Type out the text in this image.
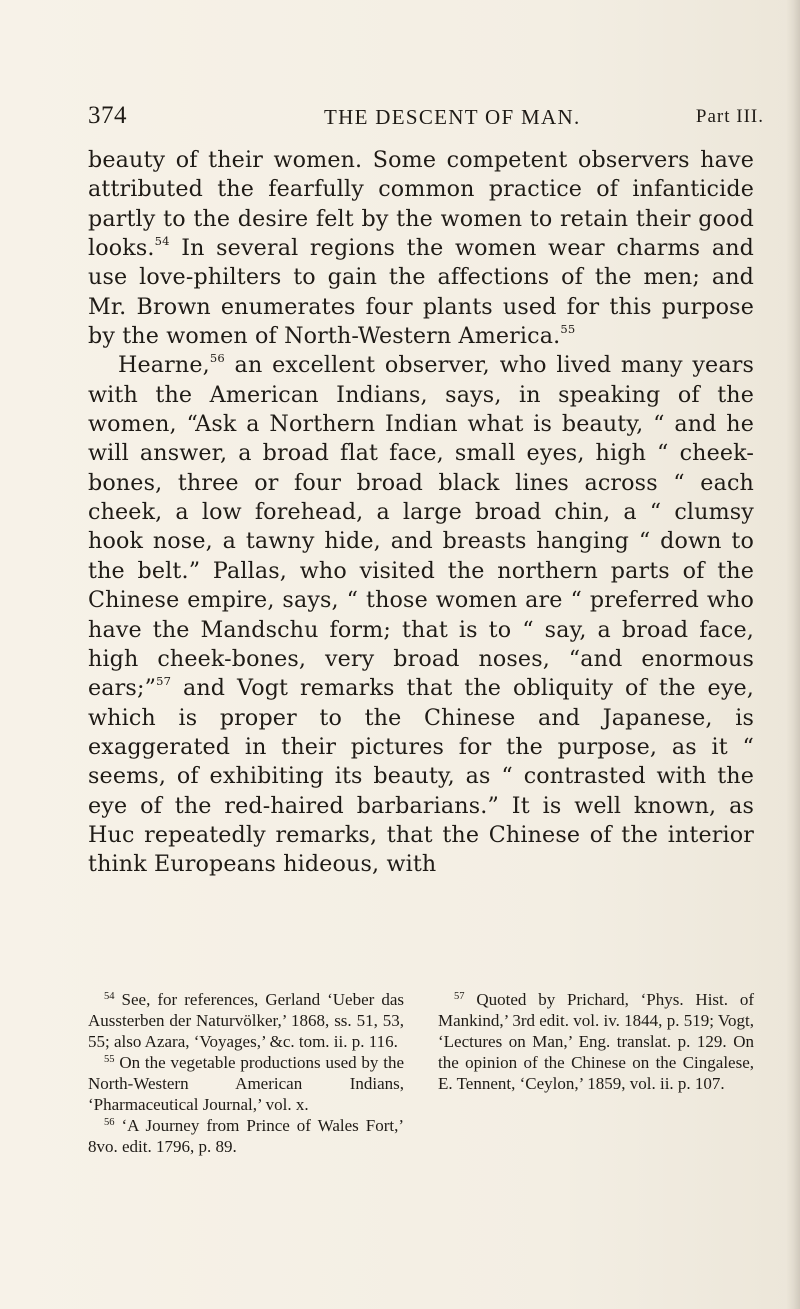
374	THE DESCENT OF MAN.	Part III.

beauty of their women. Some competent observers have attributed the fearfully common practice of infanticide partly to the desire felt by the women to retain their good looks.$^{54}$ In several regions the women wear charms and use love-philters to gain the affections of the men; and Mr. Brown enumerates four plants used for this purpose by the women of North-Western America.$^{55}$

Hearne,$^{56}$ an excellent observer, who lived many years with the American Indians, says, in speaking of the women, “Ask a Northern Indian what is beauty, “ and he will answer, a broad flat face, small eyes, high “ cheek-bones, three or four broad black lines across “ each cheek, a low forehead, a large broad chin, a “ clumsy hook nose, a tawny hide, and breasts hanging “ down to the belt.” Pallas, who visited the northern parts of the Chinese empire, says, “ those women are “ preferred who have the Mandschu form; that is to “ say, a broad face, high cheek-bones, very broad noses, “and enormous ears;”$^{57}$ and Vogt remarks that the obliquity of the eye, which is proper to the Chinese and Japanese, is exaggerated in their pictures for the purpose, as it “ seems, of exhibiting its beauty, as “ contrasted with the eye of the red-haired barbarians.” It is well known, as Huc repeatedly remarks, that the Chinese of the interior think Europeans hideous, with

$^{54}$ See, for references, Gerland ‘Ueber das Aussterben der Naturvölker,’ 1868, ss. 51, 53, 55; also Azara, ‘Voyages,’ &c. tom. ii. p. 116.

$^{55}$ On the vegetable productions used by the North-Western American Indians, ‘Pharmaceutical Journal,’ vol. x.

$^{56}$ ‘A Journey from Prince of Wales Fort,’ 8vo. edit. 1796, p. 89.

$^{57}$ Quoted by Prichard, ‘Phys. Hist. of Mankind,’ 3rd edit. vol. iv. 1844, p. 519; Vogt, ‘Lectures on Man,’ Eng. translat. p. 129. On the opinion of the Chinese on the Cingalese, E. Tennent, ‘Ceylon,’ 1859, vol. ii. p. 107.
